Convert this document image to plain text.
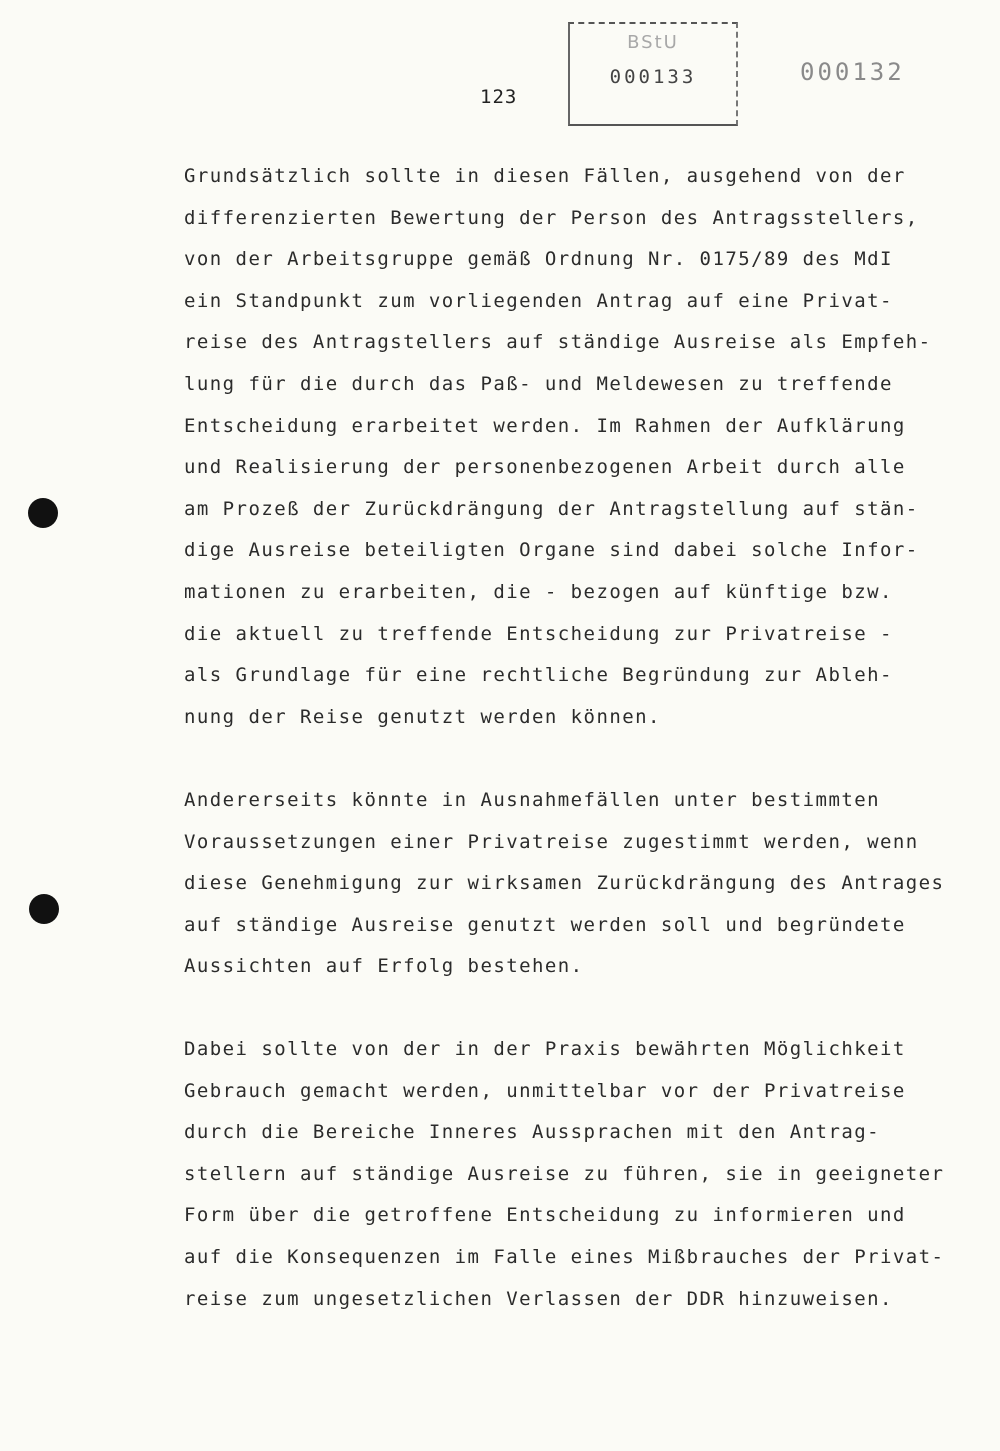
123
BStU
000133	000132
Grundsätzlich sollte in diesen Fällen, ausgehend von der
differenzierten Bewertung der Person des Antragsstellers,
von der Arbeitsgruppe gemäß Ordnung Nr. 0175/89 des MdI
ein Standpunkt zum vorliegenden Antrag auf eine Privat-
reise des Antragstellers auf ständige Ausreise als Empfeh-
lung für die durch das Paß- und Meldewesen zu treffende
Entscheidung erarbeitet werden. Im Rahmen der Aufklärung
und Realisierung der personenbezogenen Arbeit durch alle
am Prozeß der Zurückdrängung der Antragstellung auf stän-
dige Ausreise beteiligten Organe sind dabei solche Infor-
mationen zu erarbeiten, die - bezogen auf künftige bzw.
die aktuell zu treffende Entscheidung zur Privatreise -
als Grundlage für eine rechtliche Begründung zur Ableh-
nung der Reise genutzt werden können.
Andererseits könnte in Ausnahmefällen unter bestimmten
Voraussetzungen einer Privatreise zugestimmt werden, wenn
diese Genehmigung zur wirksamen Zurückdrängung des Antrages
auf ständige Ausreise genutzt werden soll und begründete
Aussichten auf Erfolg bestehen.
Dabei sollte von der in der Praxis bewährten Möglichkeit
Gebrauch gemacht werden, unmittelbar vor der Privatreise
durch die Bereiche Inneres Aussprachen mit den Antrag-
stellern auf ständige Ausreise zu führen, sie in geeigneter
Form über die getroffene Entscheidung zu informieren und
auf die Konsequenzen im Falle eines Mißbrauches der Privat-
reise zum ungesetzlichen Verlassen der DDR hinzuweisen.
